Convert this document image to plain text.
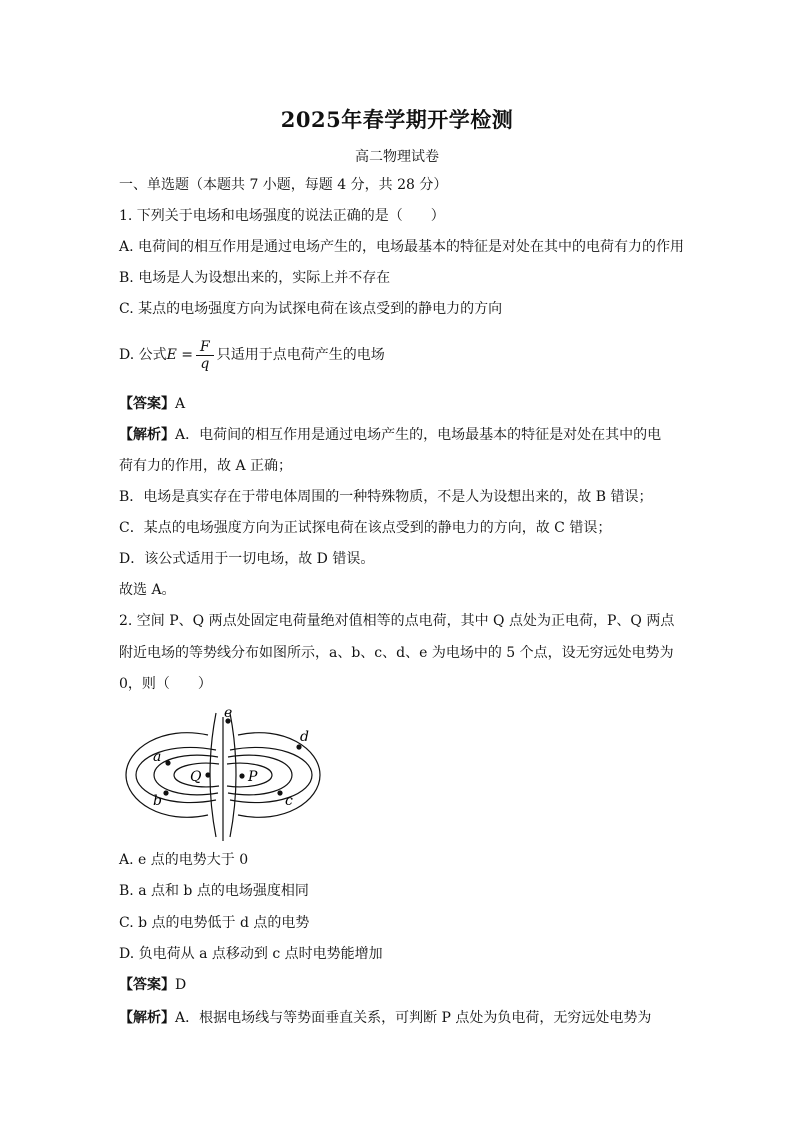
2025年春学期开学检测
高二物理试卷
一、单选题（本题共 7 小题，每题 4 分，共 28 分）
1. 下列关于电场和电场强度的说法正确的是（　　）
A. 电荷间的相互作用是通过电场产生的，电场最基本的特征是对处在其中的电荷有力的作用
B. 电场是人为设想出来的，实际上并不存在
C. 某点的电场强度方向为试探电荷在该点受到的静电力的方向
D. 公式$E = \frac{F}{q}$ 只适用于点电荷产生的电场
【答案】A
【解析】A．电荷间的相互作用是通过电场产生的，电场最基本的特征是对处在其中的电
荷有力的作用，故 A 正确；
B．电场是真实存在于带电体周围的一种特殊物质，不是人为设想出来的，故 B 错误；
C．某点的电场强度方向为正试探电荷在该点受到的静电力的方向，故 C 错误；
D．该公式适用于一切电场，故 D 错误。
故选 A。
2. 空间 P、Q 两点处固定电荷量绝对值相等的点电荷，其中 Q 点处为正电荷，P、Q 两点
附近电场的等势线分布如图所示，a、b、c、d、e 为电场中的 5 个点，设无穷远处电势为
0，则（　　）
e
a
b
Q	P
d
c
A. e 点的电势大于 0
B. a 点和 b 点的电场强度相同
C. b 点的电势低于 d 点的电势
D. 负电荷从 a 点移动到 c 点时电势能增加
【答案】D
【解析】A．根据电场线与等势面垂直关系，可判断 P 点处为负电荷，无穷远处电势为
